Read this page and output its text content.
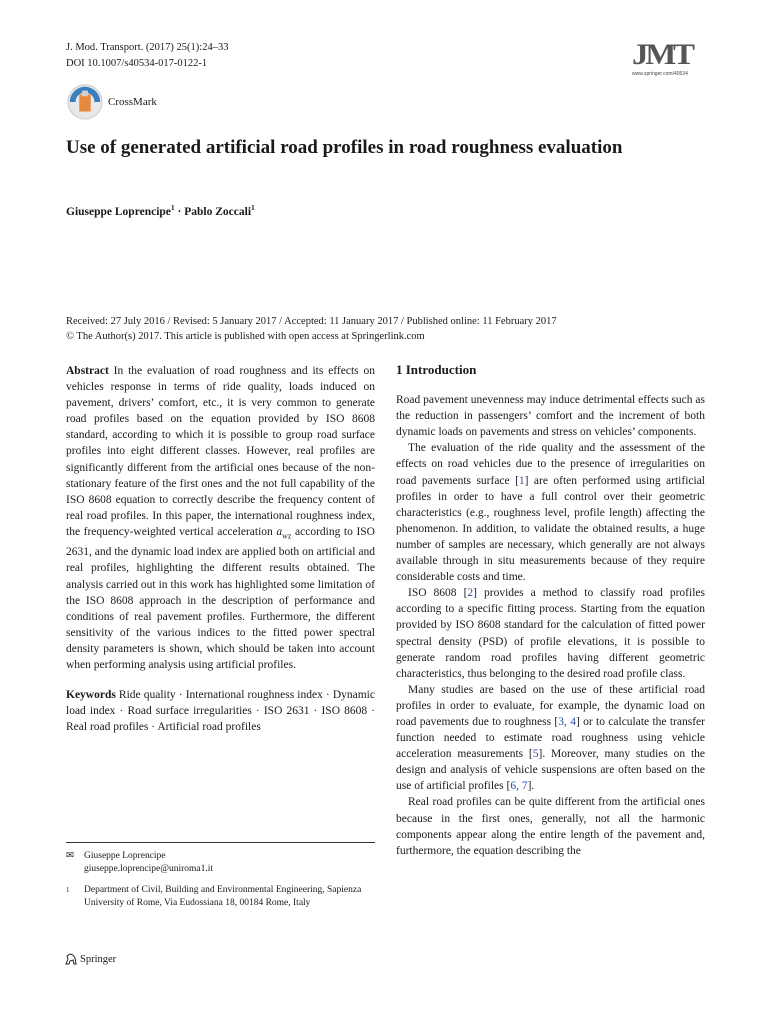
J. Mod. Transport. (2017) 25(1):24–33
DOI 10.1007/s40534-017-0122-1	JMT
www.springer.com/40534
CrossMark
Use of generated artificial road profiles in road roughness evaluation
Giuseppe Loprencipe$^1$ · Pablo Zoccali$^1$
Received: 27 July 2016 / Revised: 5 January 2017 / Accepted: 11 January 2017 / Published online: 11 February 2017
© The Author(s) 2017. This article is published with open access at Springerlink.com

Abstract In the evaluation of road roughness and its effects on vehicles response in terms of ride quality, loads induced on pavement, drivers’ comfort, etc., it is very common to generate road profiles based on the equation provided by ISO 8608 standard, according to which it is possible to group road surface profiles into eight different classes. However, real profiles are significantly different from the artificial ones because of the non-stationary feature of the first ones and the not full capability of the ISO 8608 equation to correctly describe the frequency content of real road profiles. In this paper, the international roughness index, the frequency-weighted vertical acceleration $a_{wz}$ according to ISO 2631, and the dynamic load index are applied both on artificial and real profiles, highlighting the different results obtained. The analysis carried out in this work has highlighted some limitation of the ISO 8608 approach in the description of performance and conditions of real pavement profiles. Furthermore, the different sensitivity of the various indices to the fitted power spectral density parameters is shown, which should be taken into account when performing analysis using artificial profiles.

Keywords Ride quality · International roughness index · Dynamic load index · Road surface irregularities · ISO 2631 · ISO 8608 · Real road profiles · Artificial road profiles

✉ Giuseppe Loprencipe
giuseppe.loprencipe@uniroma1.it
1	Department of Civil, Building and Environmental Engineering, Sapienza University of Rome, Via Eudossiana 18, 00184 Rome, Italy
Springer
1 Introduction

Road pavement unevenness may induce detrimental effects such as the reduction in passengers’ comfort and the increment of both dynamic loads on pavements and stress on vehicles’ components.

The evaluation of the ride quality and the assessment of the effects on road vehicles due to the presence of irregularities on road pavements surface [1] are often performed using artificial profiles in order to have a full control over their geometric characteristics (e.g., roughness level, profile length) affecting the phenomenon. In addition, to validate the obtained results, a huge number of samples are necessary, which generally are not always available through in situ measurements because of they require considerable costs and time.

ISO 8608 [2] provides a method to classify road profiles according to a specific fitting process. Starting from the equation provided by ISO 8608 standard for the calculation of fitted power spectral density (PSD) of profile elevations, it is possible to generate random road profiles having different geometric characteristics, thus belonging to the desired road profile class.

Many studies are based on the use of these artificial road profiles in order to evaluate, for example, the dynamic load on road pavements due to roughness [3, 4] or to calculate the transfer function needed to estimate road roughness using vehicle acceleration measurements [5]. Moreover, many studies on the design and analysis of vehicle suspensions are often based on the use of artificial profiles [6, 7].

Real road profiles can be quite different from the artificial ones because in the first ones, generally, not all the harmonic components appear along the entire length of the pavement and, furthermore, the equation describing the
